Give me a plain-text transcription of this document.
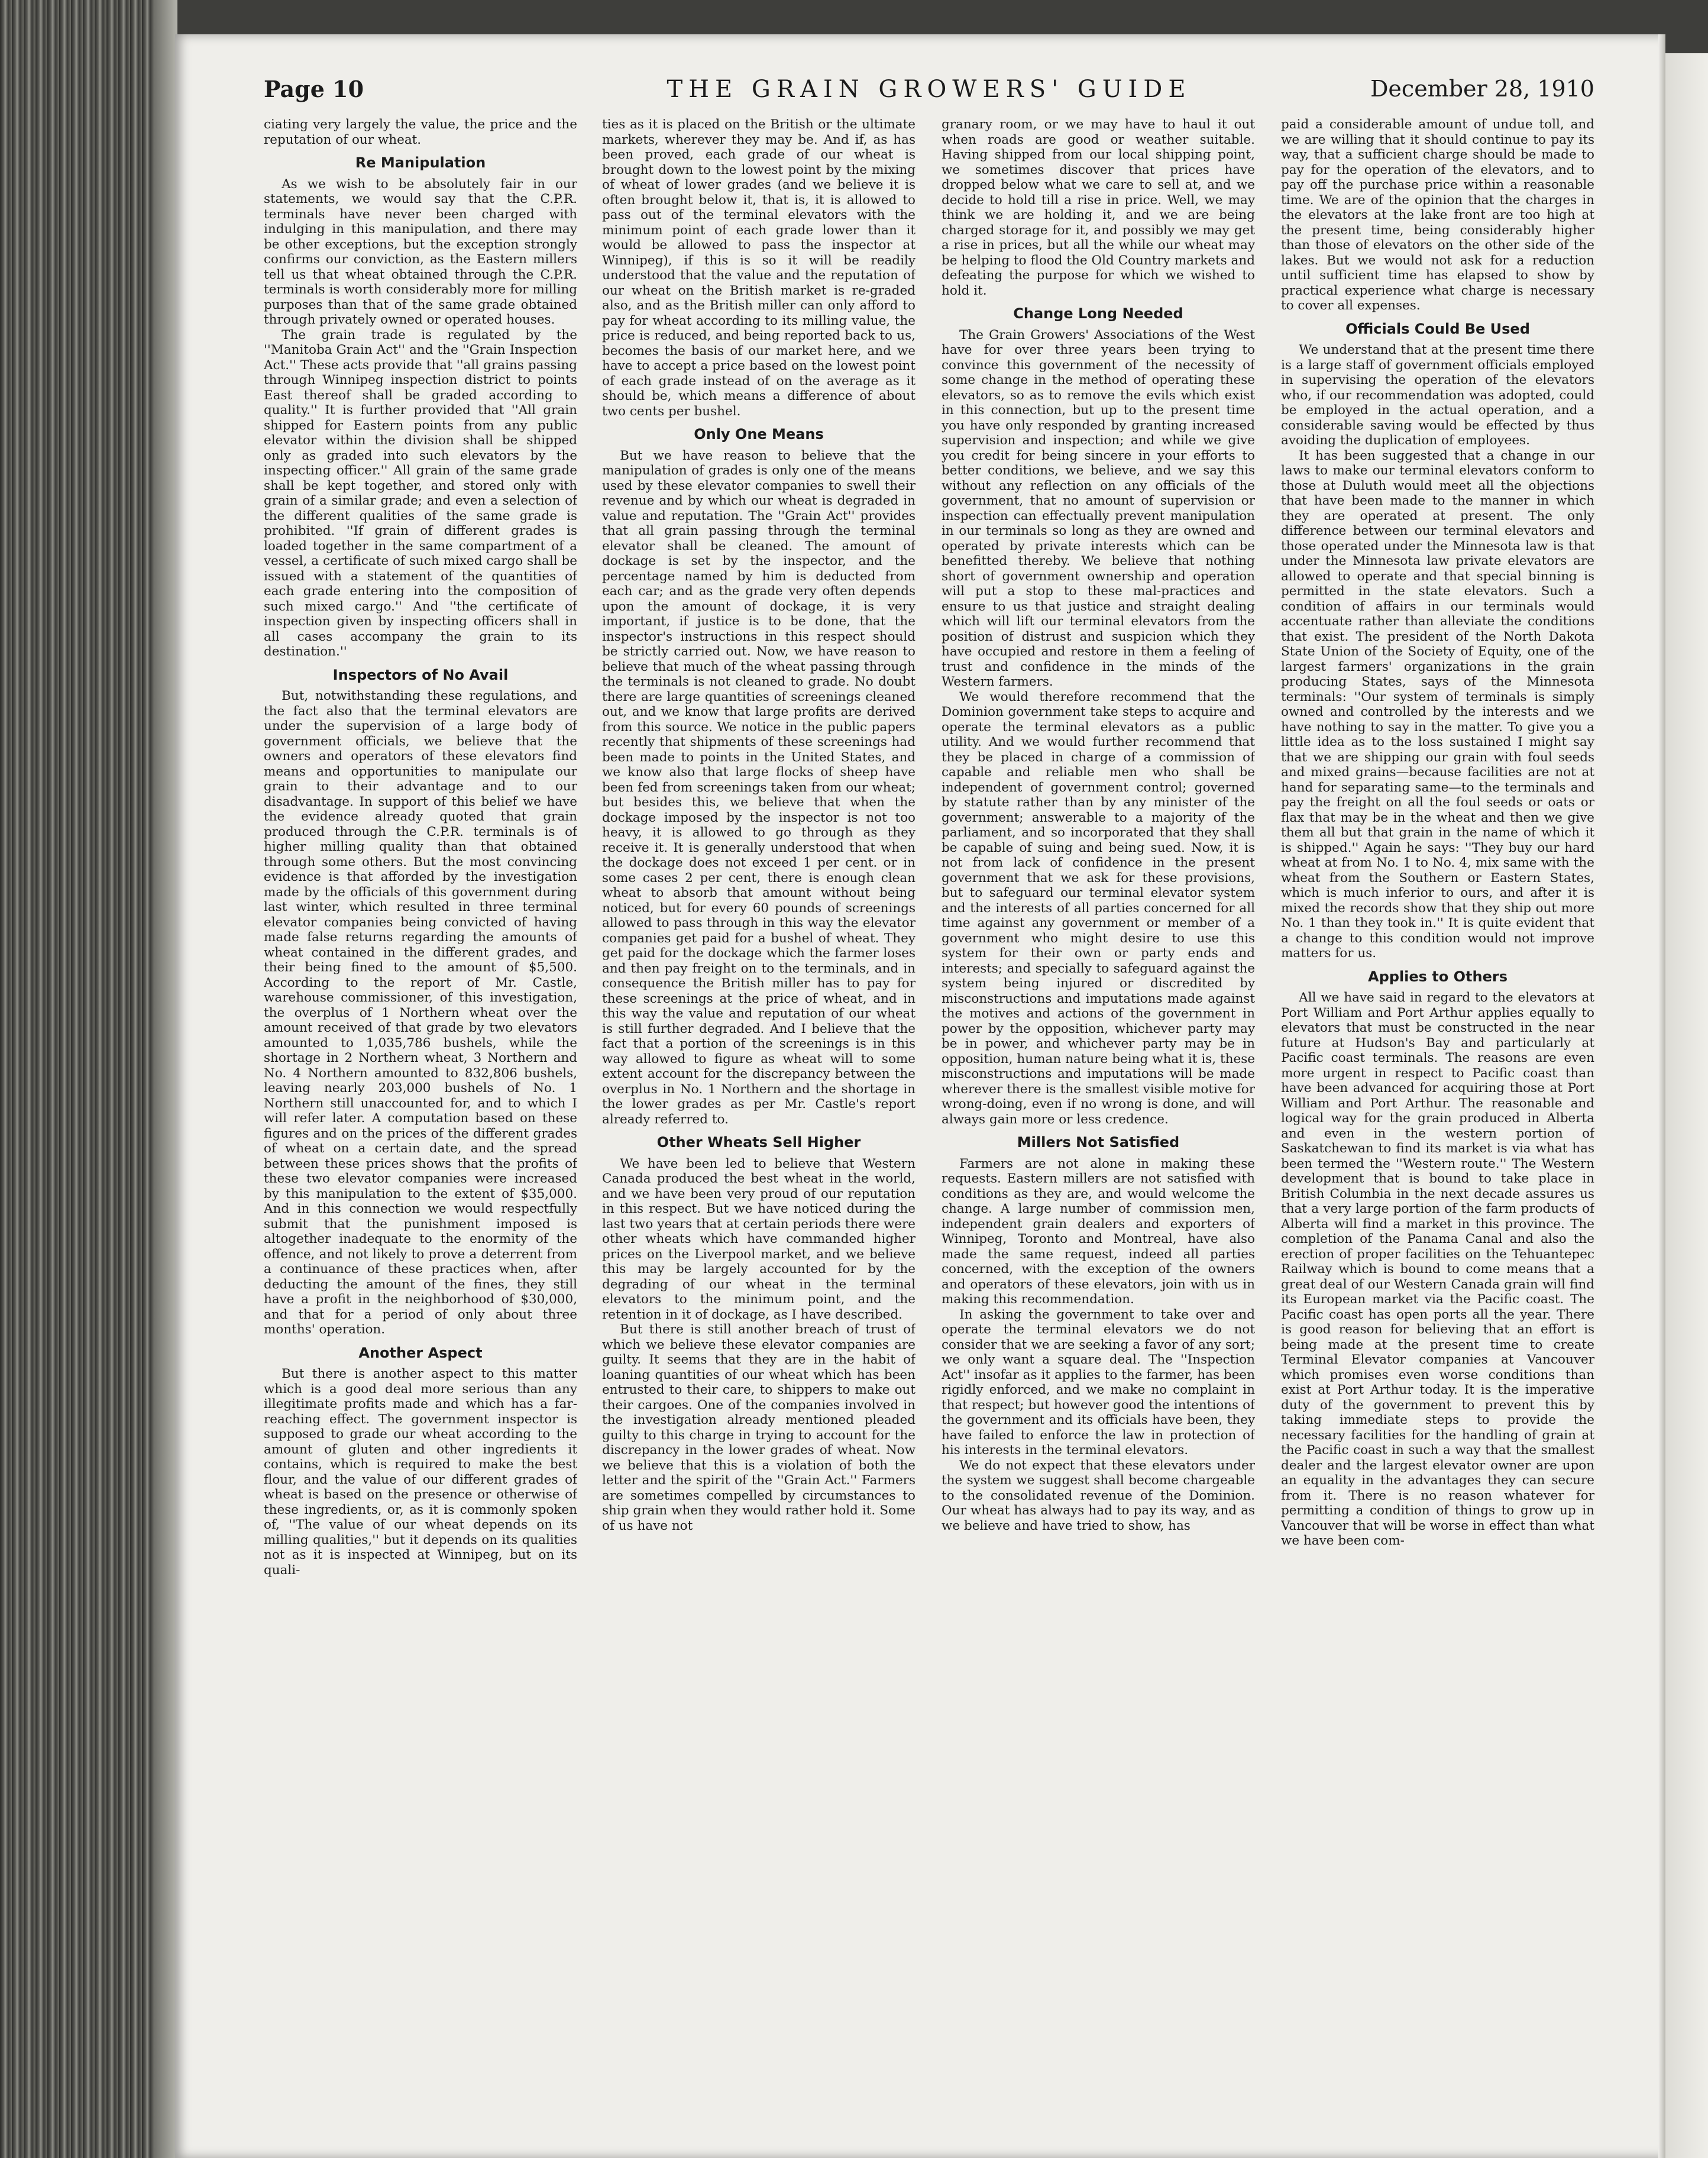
Page 10	THE GRAIN GROWERS' GUIDE	December 28, 1910

ciating very largely the value, the price and the reputation of our wheat.

Re Manipulation

As we wish to be absolutely fair in our statements, we would say that the C.P.R. terminals have never been charged with indulging in this manipulation, and there may be other exceptions, but the exception strongly confirms our conviction, as the Eastern millers tell us that wheat obtained through the C.P.R. terminals is worth considerably more for milling purposes than that of the same grade obtained through privately owned or operated houses.

The grain trade is regulated by the ''Manitoba Grain Act'' and the ''Grain Inspection Act.'' These acts provide that ''all grains passing through Winnipeg inspection district to points East thereof shall be graded according to quality.'' It is further provided that ''All grain shipped for Eastern points from any public elevator within the division shall be shipped only as graded into such elevators by the inspecting officer.'' All grain of the same grade shall be kept together, and stored only with grain of a similar grade; and even a selection of the different qualities of the same grade is prohibited. ''If grain of different grades is loaded together in the same compartment of a vessel, a certificate of such mixed cargo shall be issued with a statement of the quantities of each grade entering into the composition of such mixed cargo.'' And ''the certificate of inspection given by inspecting officers shall in all cases accompany the grain to its destination.''

Inspectors of No Avail

But, notwithstanding these regulations, and the fact also that the terminal elevators are under the supervision of a large body of government officials, we believe that the owners and operators of these elevators find means and opportunities to manipulate our grain to their advantage and to our disadvantage. In support of this belief we have the evidence already quoted that grain produced through the C.P.R. terminals is of higher milling quality than that obtained through some others. But the most convincing evidence is that afforded by the investigation made by the officials of this government during last winter, which resulted in three terminal elevator companies being convicted of having made false returns regarding the amounts of wheat contained in the different grades, and their being fined to the amount of $5,500. According to the report of Mr. Castle, warehouse commissioner, of this investigation, the overplus of 1 Northern wheat over the amount received of that grade by two elevators amounted to 1,035,786 bushels, while the shortage in 2 Northern wheat, 3 Northern and No. 4 Northern amounted to 832,806 bushels, leaving nearly 203,000 bushels of No. 1 Northern still unaccounted for, and to which I will refer later. A computation based on these figures and on the prices of the different grades of wheat on a certain date, and the spread between these prices shows that the profits of these two elevator companies were increased by this manipulation to the extent of $35,000. And in this connection we would respectfully submit that the punishment imposed is altogether inadequate to the enormity of the offence, and not likely to prove a deterrent from a continuance of these practices when, after deducting the amount of the fines, they still have a profit in the neighborhood of $30,000, and that for a period of only about three months' operation.

Another Aspect

But there is another aspect to this matter which is a good deal more serious than any illegitimate profits made and which has a far-reaching effect. The government inspector is supposed to grade our wheat according to the amount of gluten and other ingredients it contains, which is required to make the best flour, and the value of our different grades of wheat is based on the presence or otherwise of these ingredients, or, as it is commonly spoken of, ''The value of our wheat depends on its milling qualities,'' but it depends on its qualities not as it is inspected at Winnipeg, but on its quali-

ties as it is placed on the British or the ultimate markets, wherever they may be. And if, as has been proved, each grade of our wheat is brought down to the lowest point by the mixing of wheat of lower grades (and we believe it is often brought below it, that is, it is allowed to pass out of the terminal elevators with the minimum point of each grade lower than it would be allowed to pass the inspector at Winnipeg), if this is so it will be readily understood that the value and the reputation of our wheat on the British market is re-graded also, and as the British miller can only afford to pay for wheat according to its milling value, the price is reduced, and being reported back to us, becomes the basis of our market here, and we have to accept a price based on the lowest point of each grade instead of on the average as it should be, which means a difference of about two cents per bushel.

Only One Means

But we have reason to believe that the manipulation of grades is only one of the means used by these elevator companies to swell their revenue and by which our wheat is degraded in value and reputation. The ''Grain Act'' provides that all grain passing through the terminal elevator shall be cleaned. The amount of dockage is set by the inspector, and the percentage named by him is deducted from each car; and as the grade very often depends upon the amount of dockage, it is very important, if justice is to be done, that the inspector's instructions in this respect should be strictly carried out. Now, we have reason to believe that much of the wheat passing through the terminals is not cleaned to grade. No doubt there are large quantities of screenings cleaned out, and we know that large profits are derived from this source. We notice in the public papers recently that shipments of these screenings had been made to points in the United States, and we know also that large flocks of sheep have been fed from screenings taken from our wheat; but besides this, we believe that when the dockage imposed by the inspector is not too heavy, it is allowed to go through as they receive it. It is generally understood that when the dockage does not exceed 1 per cent. or in some cases 2 per cent, there is enough clean wheat to absorb that amount without being noticed, but for every 60 pounds of screenings allowed to pass through in this way the elevator companies get paid for a bushel of wheat. They get paid for the dockage which the farmer loses and then pay freight on to the terminals, and in consequence the British miller has to pay for these screenings at the price of wheat, and in this way the value and reputation of our wheat is still further degraded. And I believe that the fact that a portion of the screenings is in this way allowed to figure as wheat will to some extent account for the discrepancy between the overplus in No. 1 Northern and the shortage in the lower grades as per Mr. Castle's report already referred to.

Other Wheats Sell Higher

We have been led to believe that Western Canada produced the best wheat in the world, and we have been very proud of our reputation in this respect. But we have noticed during the last two years that at certain periods there were other wheats which have commanded higher prices on the Liverpool market, and we believe this may be largely accounted for by the degrading of our wheat in the terminal elevators to the minimum point, and the retention in it of dockage, as I have described.

But there is still another breach of trust of which we believe these elevator companies are guilty. It seems that they are in the habit of loaning quantities of our wheat which has been entrusted to their care, to shippers to make out their cargoes. One of the companies involved in the investigation already mentioned pleaded guilty to this charge in trying to account for the discrepancy in the lower grades of wheat. Now we believe that this is a violation of both the letter and the spirit of the ''Grain Act.'' Farmers are sometimes compelled by circumstances to ship grain when they would rather hold it. Some of us have not

granary room, or we may have to haul it out when roads are good or weather suitable. Having shipped from our local shipping point, we sometimes discover that prices have dropped below what we care to sell at, and we decide to hold till a rise in price. Well, we may think we are holding it, and we are being charged storage for it, and possibly we may get a rise in prices, but all the while our wheat may be helping to flood the Old Country markets and defeating the purpose for which we wished to hold it.

Change Long Needed

The Grain Growers' Associations of the West have for over three years been trying to convince this government of the necessity of some change in the method of operating these elevators, so as to remove the evils which exist in this connection, but up to the present time you have only responded by granting increased supervision and inspection; and while we give you credit for being sincere in your efforts to better conditions, we believe, and we say this without any reflection on any officials of the government, that no amount of supervision or inspection can effectually prevent manipulation in our terminals so long as they are owned and operated by private interests which can be benefitted thereby. We believe that nothing short of government ownership and operation will put a stop to these mal-practices and ensure to us that justice and straight dealing which will lift our terminal elevators from the position of distrust and suspicion which they have occupied and restore in them a feeling of trust and confidence in the minds of the Western farmers.

We would therefore recommend that the Dominion government take steps to acquire and operate the terminal elevators as a public utility. And we would further recommend that they be placed in charge of a commission of capable and reliable men who shall be independent of government control; governed by statute rather than by any minister of the government; answerable to a majority of the parliament, and so incorporated that they shall be capable of suing and being sued. Now, it is not from lack of confidence in the present government that we ask for these provisions, but to safeguard our terminal elevator system and the interests of all parties concerned for all time against any government or member of a government who might desire to use this system for their own or party ends and interests; and specially to safeguard against the system being injured or discredited by misconstructions and imputations made against the motives and actions of the government in power by the opposition, whichever party may be in power, and whichever party may be in opposition, human nature being what it is, these misconstructions and imputations will be made wherever there is the smallest visible motive for wrong-doing, even if no wrong is done, and will always gain more or less credence.

Millers Not Satisfied

Farmers are not alone in making these requests. Eastern millers are not satisfied with conditions as they are, and would welcome the change. A large number of commission men, independent grain dealers and exporters of Winnipeg, Toronto and Montreal, have also made the same request, indeed all parties concerned, with the exception of the owners and operators of these elevators, join with us in making this recommendation.

In asking the government to take over and operate the terminal elevators we do not consider that we are seeking a favor of any sort; we only want a square deal. The ''Inspection Act'' insofar as it applies to the farmer, has been rigidly enforced, and we make no complaint in that respect; but however good the intentions of the government and its officials have been, they have failed to enforce the law in protection of his interests in the terminal elevators.

We do not expect that these elevators under the system we suggest shall become chargeable to the consolidated revenue of the Dominion. Our wheat has always had to pay its way, and as we believe and have tried to show, has

paid a considerable amount of undue toll, and we are willing that it should continue to pay its way, that a sufficient charge should be made to pay for the operation of the elevators, and to pay off the purchase price within a reasonable time. We are of the opinion that the charges in the elevators at the lake front are too high at the present time, being considerably higher than those of elevators on the other side of the lakes. But we would not ask for a reduction until sufficient time has elapsed to show by practical experience what charge is necessary to cover all expenses.

Officials Could Be Used

We understand that at the present time there is a large staff of government officials employed in supervising the operation of the elevators who, if our recommendation was adopted, could be employed in the actual operation, and a considerable saving would be effected by thus avoiding the duplication of employees.

It has been suggested that a change in our laws to make our terminal elevators conform to those at Duluth would meet all the objections that have been made to the manner in which they are operated at present. The only difference between our terminal elevators and those operated under the Minnesota law is that under the Minnesota law private elevators are allowed to operate and that special binning is permitted in the state elevators. Such a condition of affairs in our terminals would accentuate rather than alleviate the conditions that exist. The president of the North Dakota State Union of the Society of Equity, one of the largest farmers' organizations in the grain producing States, says of the Minnesota terminals: ''Our system of terminals is simply owned and controlled by the interests and we have nothing to say in the matter. To give you a little idea as to the loss sustained I might say that we are shipping our grain with foul seeds and mixed grains—because facilities are not at hand for separating same—to the terminals and pay the freight on all the foul seeds or oats or flax that may be in the wheat and then we give them all but that grain in the name of which it is shipped.'' Again he says: ''They buy our hard wheat at from No. 1 to No. 4, mix same with the wheat from the Southern or Eastern States, which is much inferior to ours, and after it is mixed the records show that they ship out more No. 1 than they took in.'' It is quite evident that a change to this condition would not improve matters for us.

Applies to Others

All we have said in regard to the elevators at Port William and Port Arthur applies equally to elevators that must be constructed in the near future at Hudson's Bay and particularly at Pacific coast terminals. The reasons are even more urgent in respect to Pacific coast than have been advanced for acquiring those at Port William and Port Arthur. The reasonable and logical way for the grain produced in Alberta and even in the western portion of Saskatchewan to find its market is via what has been termed the ''Western route.'' The Western development that is bound to take place in British Columbia in the next decade assures us that a very large portion of the farm products of Alberta will find a market in this province. The completion of the Panama Canal and also the erection of proper facilities on the Tehuantepec Railway which is bound to come means that a great deal of our Western Canada grain will find its European market via the Pacific coast. The Pacific coast has open ports all the year. There is good reason for believing that an effort is being made at the present time to create Terminal Elevator companies at Vancouver which promises even worse conditions than exist at Port Arthur today. It is the imperative duty of the government to prevent this by taking immediate steps to provide the necessary facilities for the handling of grain at the Pacific coast in such a way that the smallest dealer and the largest elevator owner are upon an equality in the advantages they can secure from it. There is no reason whatever for permitting a condition of things to grow up in Vancouver that will be worse in effect than what we have been com-
